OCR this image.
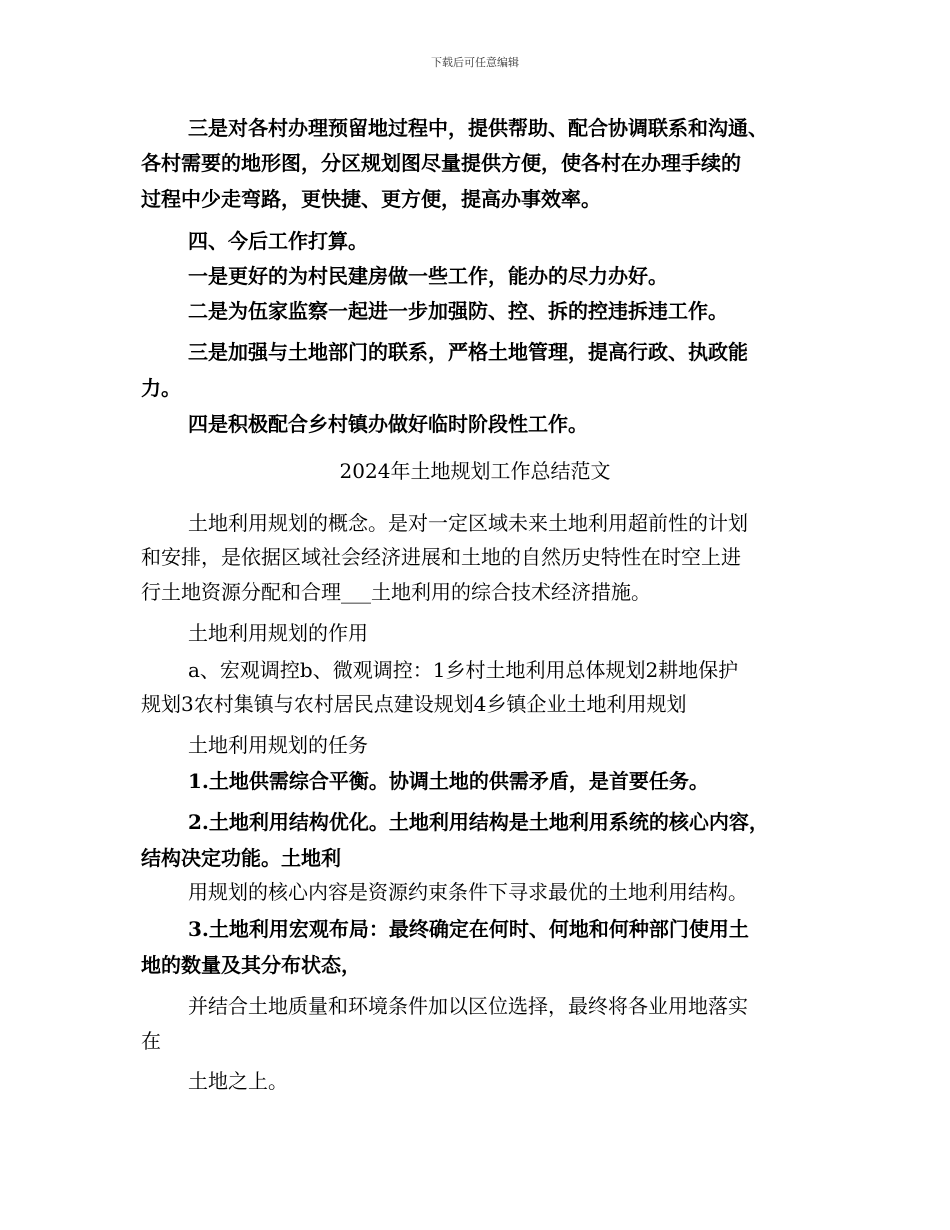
下载后可任意编辑
三是对各村办理预留地过程中，提供帮助、配合协调联系和沟通、
各村需要的地形图，分区规划图尽量提供方便，使各村在办理手续的
过程中少走弯路，更快捷、更方便，提高办事效率。
四、今后工作打算。
一是更好的为村民建房做一些工作，能办的尽力办好。
二是为伍家监察一起进一步加强防、控、拆的控违拆违工作。
三是加强与土地部门的联系，严格土地管理，提高行政、执政能
力。
四是积极配合乡村镇办做好临时阶段性工作。
2024年土地规划工作总结范文
土地利用规划的概念。是对一定区域未来土地利用超前性的计划
和安排，是依据区域社会经济进展和土地的自然历史特性在时空上进
行土地资源分配和合理___土地利用的综合技术经济措施。
土地利用规划的作用
a、宏观调控b、微观调控：1乡村土地利用总体规划2耕地保护
规划3农村集镇与农村居民点建设规划4乡镇企业土地利用规划
土地利用规划的任务
1.土地供需综合平衡。协调土地的供需矛盾，是首要任务。
2.土地利用结构优化。土地利用结构是土地利用系统的核心内容，
结构决定功能。土地利
用规划的核心内容是资源约束条件下寻求最优的土地利用结构。
3.土地利用宏观布局：最终确定在何时、何地和何种部门使用土
地的数量及其分布状态，
并结合土地质量和环境条件加以区位选择，最终将各业用地落实
在
土地之上。
